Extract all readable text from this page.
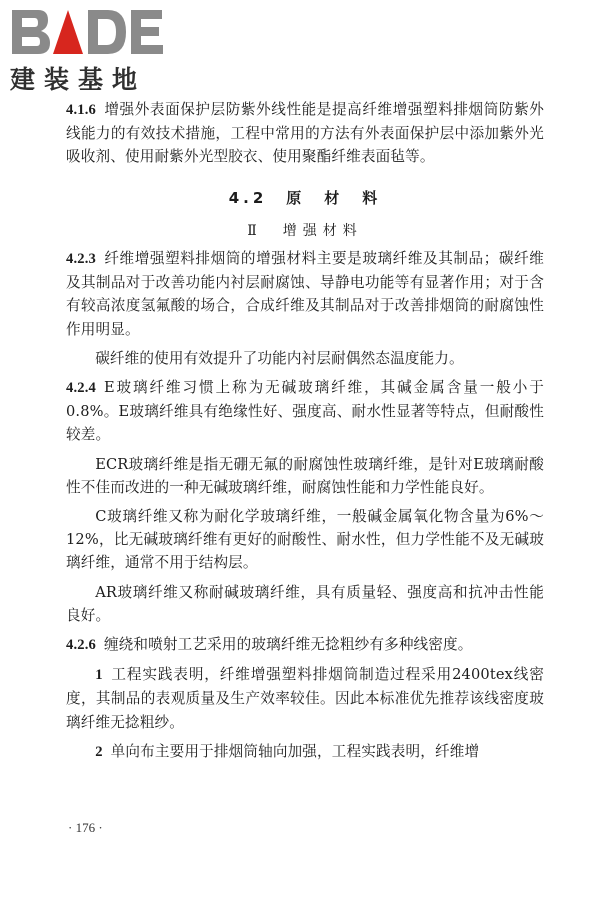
建装基地

4.1.6 增强外表面保护层防紫外线性能是提高纤维增强塑料排烟筒防紫外线能力的有效技术措施，工程中常用的方法有外表面保护层中添加紫外光吸收剂、使用耐紫外光型胶衣、使用聚酯纤维表面毡等。

4.2　原　材　料
Ⅱ　增强材料

4.2.3 纤维增强塑料排烟筒的增强材料主要是玻璃纤维及其制品；碳纤维及其制品对于改善功能内衬层耐腐蚀、导静电功能等有显著作用；对于含有较高浓度氢氟酸的场合，合成纤维及其制品对于改善排烟筒的耐腐蚀性作用明显。

碳纤维的使用有效提升了功能内衬层耐偶然态温度能力。

4.2.4 E玻璃纤维习惯上称为无碱玻璃纤维，其碱金属含量一般小于0.8%。E玻璃纤维具有绝缘性好、强度高、耐水性显著等特点，但耐酸性较差。

ECR玻璃纤维是指无硼无氟的耐腐蚀性玻璃纤维，是针对E玻璃耐酸性不佳而改进的一种无碱玻璃纤维，耐腐蚀性能和力学性能良好。

C玻璃纤维又称为耐化学玻璃纤维，一般碱金属氧化物含量为6%～12%，比无碱玻璃纤维有更好的耐酸性、耐水性，但力学性能不及无碱玻璃纤维，通常不用于结构层。

AR玻璃纤维又称耐碱玻璃纤维，具有质量轻、强度高和抗冲击性能良好。

4.2.6 缠绕和喷射工艺采用的玻璃纤维无捻粗纱有多种线密度。

1 工程实践表明，纤维增强塑料排烟筒制造过程采用2400tex线密度，其制品的表观质量及生产效率较佳。因此本标准优先推荐该线密度玻璃纤维无捻粗纱。

2 单向布主要用于排烟筒轴向加强，工程实践表明，纤维增

· 176 ·
